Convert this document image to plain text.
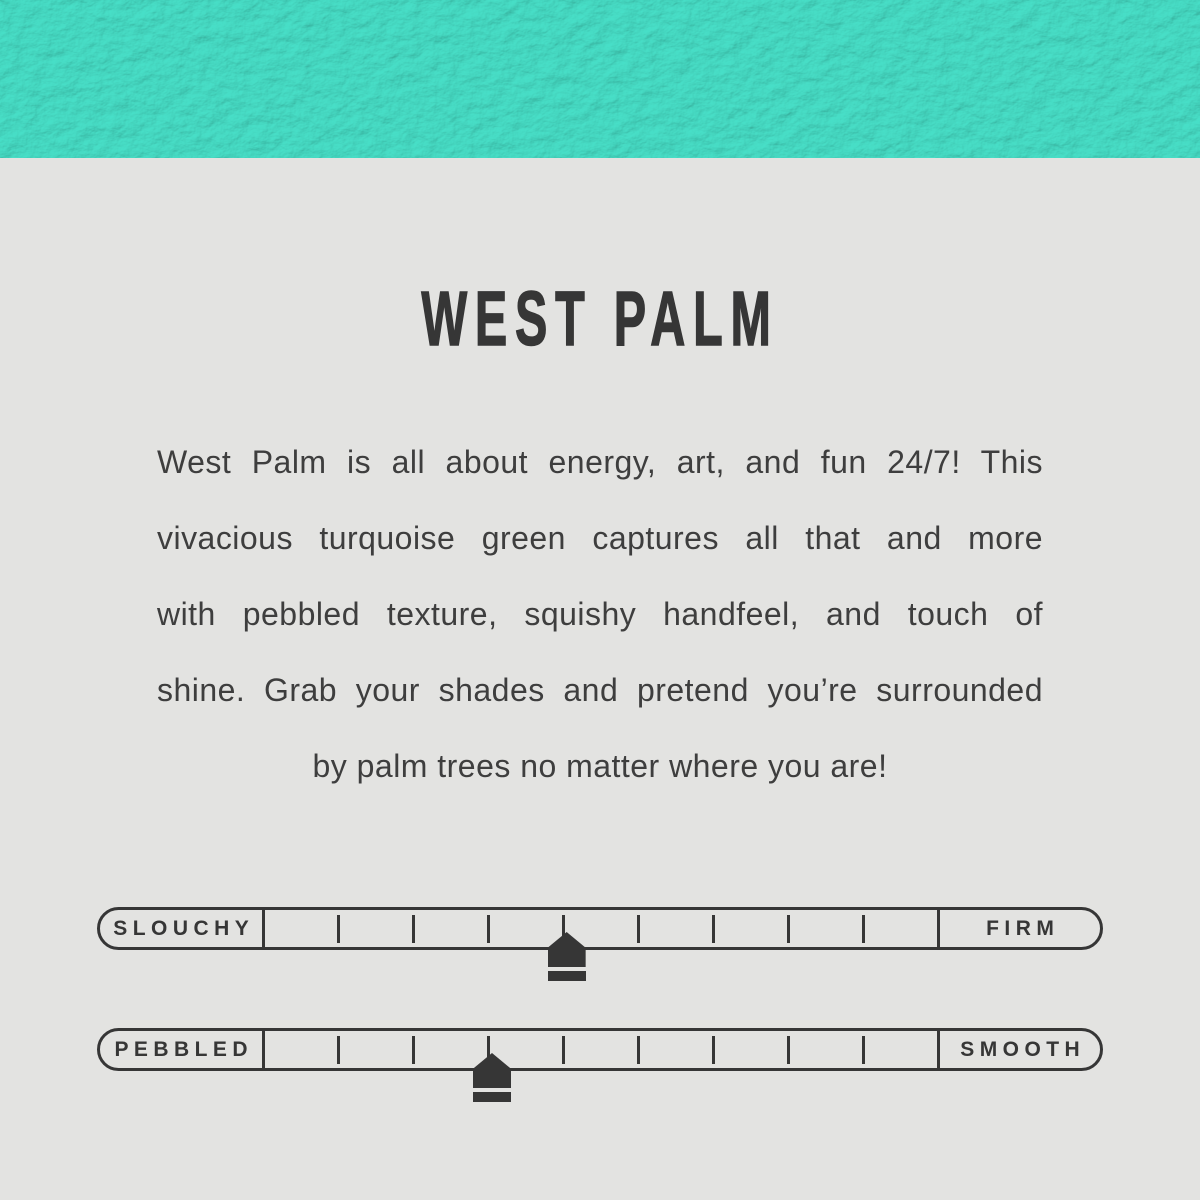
WEST PALM
West Palm is all about energy, art, and fun 24/7! This
vivacious turquoise green captures all that and more
with pebbled texture, squishy handfeel, and touch of
shine. Grab your shades and pretend you’re surrounded
by palm trees no matter where you are!
SLOUCHY	FIRM
PEBBLED	SMOOTH
